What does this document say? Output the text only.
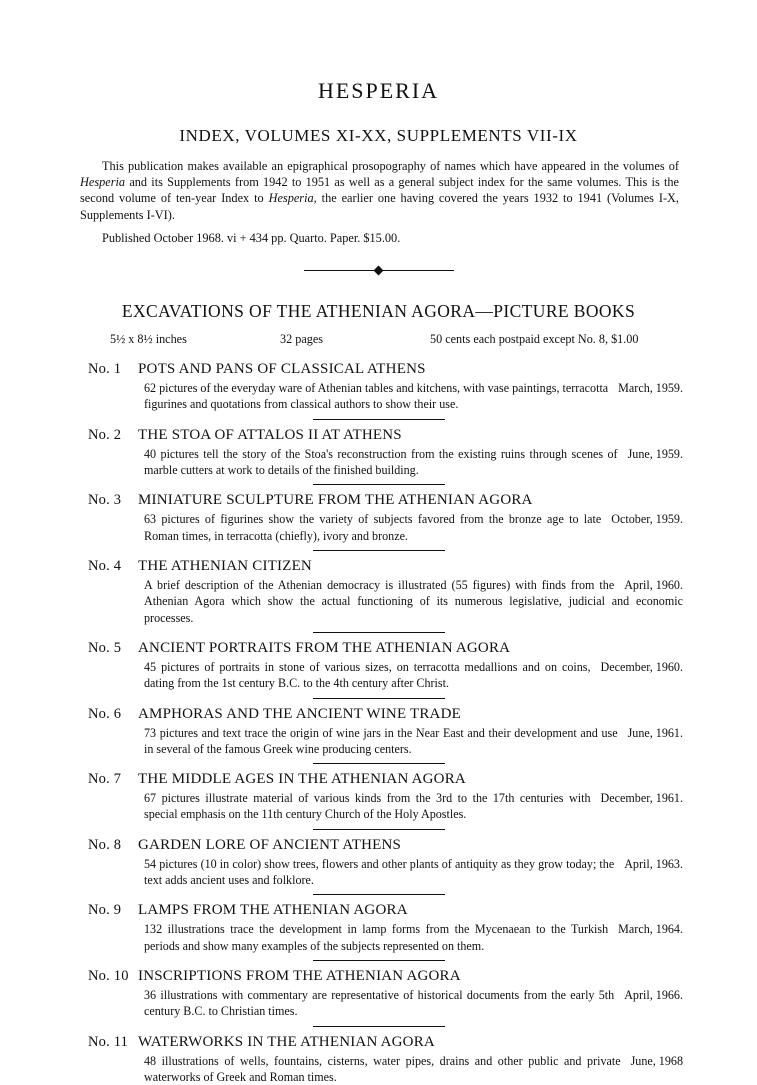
HESPERIA
INDEX, VOLUMES XI-XX, SUPPLEMENTS VII-IX

This publication makes available an epigraphical prosopography of names which have appeared in the volumes of Hesperia and its Supplements from 1942 to 1951 as well as a general subject index for the same volumes. This is the second volume of ten-year Index to Hesperia, the earlier one having covered the years 1932 to 1941 (Volumes I-X, Supplements I-VI).

Published October 1968. vi + 434 pp. Quarto. Paper. $15.00.

EXCAVATIONS OF THE ATHENIAN AGORA—PICTURE BOOKS
5½ x 8½ inches	32 pages	50 cents each postpaid except No. 8, $1.00
No. 1	POTS AND PANS OF CLASSICAL ATHENS
March, 1959.
62 pictures of the everyday ware of Athenian tables and kitchens, with vase paintings, terracotta figurines and quotations from classical authors to show their use.
No. 2	THE STOA OF ATTALOS II AT ATHENS
June, 1959.
40 pictures tell the story of the Stoa's reconstruction from the existing ruins through scenes of marble cutters at work to details of the finished building.
No. 3	MINIATURE SCULPTURE FROM THE ATHENIAN AGORA
October, 1959.
63 pictures of figurines show the variety of subjects favored from the bronze age to late Roman times, in terracotta (chiefly), ivory and bronze.
No. 4	THE ATHENIAN CITIZEN
April, 1960.
A brief description of the Athenian democracy is illustrated (55 figures) with finds from the Athenian Agora which show the actual functioning of its numerous legislative, judicial and economic processes.
No. 5	ANCIENT PORTRAITS FROM THE ATHENIAN AGORA
December, 1960.
45 pictures of portraits in stone of various sizes, on terracotta medallions and on coins, dating from the 1st century B.C. to the 4th century after Christ.
No. 6	AMPHORAS AND THE ANCIENT WINE TRADE
June, 1961.
73 pictures and text trace the origin of wine jars in the Near East and their development and use in several of the famous Greek wine producing centers.
No. 7	THE MIDDLE AGES IN THE ATHENIAN AGORA
December, 1961.
67 pictures illustrate material of various kinds from the 3rd to the 17th centuries with special emphasis on the 11th century Church of the Holy Apostles.
No. 8	GARDEN LORE OF ANCIENT ATHENS
April, 1963.
54 pictures (10 in color) show trees, flowers and other plants of antiquity as they grow today; the text adds ancient uses and folklore.
No. 9	LAMPS FROM THE ATHENIAN AGORA
March, 1964.
132 illustrations trace the development in lamp forms from the Mycenaean to the Turkish periods and show many examples of the subjects represented on them.
No. 10 INSCRIPTIONS FROM THE ATHENIAN AGORA
April, 1966.
36 illustrations with commentary are representative of historical documents from the early 5th century B.C. to Christian times.
No. 11 WATERWORKS IN THE ATHENIAN AGORA
June, 1968
48 illustrations of wells, fountains, cisterns, water pipes, drains and other public and private waterworks of Greek and Roman times.
